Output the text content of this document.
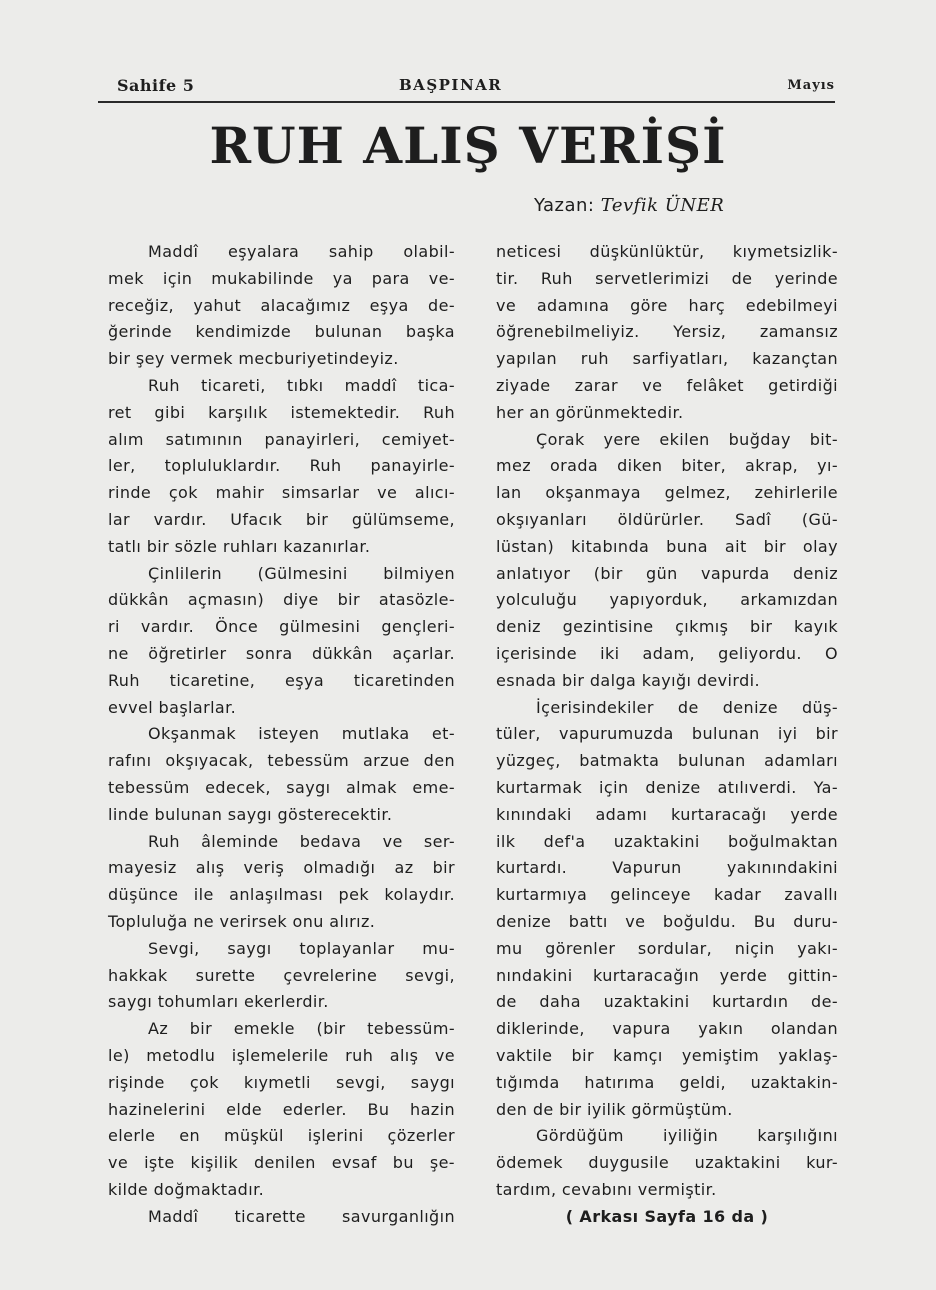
Sahife 5	BAŞPINAR	Mayıs
RUH ALIŞ VERİŞİ
Yazan: Tevfik ÜNER
Maddî eşyalara sahip olabil-
mek için mukabilinde ya para ve-
receğiz, yahut alacağımız eşya de-
ğerinde kendimizde bulunan başka
bir şey vermek mecburiyetindeyiz.
Ruh ticareti, tıbkı maddî tica-
ret gibi karşılık istemektedir. Ruh
alım satımının panayirleri, cemiyet-
ler, topluluklardır. Ruh panayirle-
rinde çok mahir simsarlar ve alıcı-
lar vardır. Ufacık bir gülümseme,
tatlı bir sözle ruhları kazanırlar.
Çinlilerin (Gülmesini bilmiyen
dükkân açmasın) diye bir atasözle-
ri vardır. Önce gülmesini gençleri-
ne öğretirler sonra dükkân açarlar.
Ruh ticaretine, eşya ticaretinden
evvel başlarlar.
Okşanmak isteyen mutlaka et-
rafını okşıyacak, tebessüm arzue den
tebessüm edecek, saygı almak eme-
linde bulunan saygı gösterecektir.
Ruh âleminde bedava ve ser-
mayesiz alış veriş olmadığı az bir
düşünce ile anlaşılması pek kolaydır.
Topluluğa ne verirsek onu alırız.
Sevgi, saygı toplayanlar mu-
hakkak surette çevrelerine sevgi,
saygı tohumları ekerlerdir.
Az bir emekle (bir tebessüm-
le) metodlu işlemelerile ruh alış ve
rişinde çok kıymetli sevgi, saygı
hazinelerini elde ederler. Bu hazin
elerle en müşkül işlerini çözerler
ve işte kişilik denilen evsaf bu şe-
kilde doğmaktadır.
Maddî ticarette savurganlığın
neticesi düşkünlüktür, kıymetsizlik-
tir. Ruh servetlerimizi de yerinde
ve adamına göre harç edebilmeyi
öğrenebilmeliyiz. Yersiz, zamansız
yapılan ruh sarfiyatları, kazançtan
ziyade zarar ve felâket getirdiği
her an görünmektedir.
Çorak yere ekilen buğday bit-
mez orada diken biter, akrap, yı-
lan okşanmaya gelmez, zehirlerile
okşıyanları öldürürler. Sadî (Gü-
lüstan) kitabında buna ait bir olay
anlatıyor (bir gün vapurda deniz
yolculuğu yapıyorduk, arkamızdan
deniz gezintisine çıkmış bir kayık
içerisinde iki adam, geliyordu. O
esnada bir dalga kayığı devirdi.
İçerisindekiler de denize düş-
tüler, vapurumuzda bulunan iyi bir
yüzgeç, batmakta bulunan adamları
kurtarmak için denize atılıverdi. Ya-
kınındaki adamı kurtaracağı yerde
ilk def'a uzaktakini boğulmaktan
kurtardı. Vapurun yakınındakini
kurtarmıya gelinceye kadar zavallı
denize battı ve boğuldu. Bu duru-
mu görenler sordular, niçin yakı-
nındakini kurtaracağın yerde gittin-
de daha uzaktakini kurtardın de-
diklerinde, vapura yakın olandan
vaktile bir kamçı yemiştim yaklaş-
tığımda hatırıma geldi, uzaktakin-
den de bir iyilik görmüştüm.
Gördüğüm iyiliğin karşılığını
ödemek duygusile uzaktakini kur-
tardım, cevabını vermiştir.
( Arkası Sayfa 16 da )
